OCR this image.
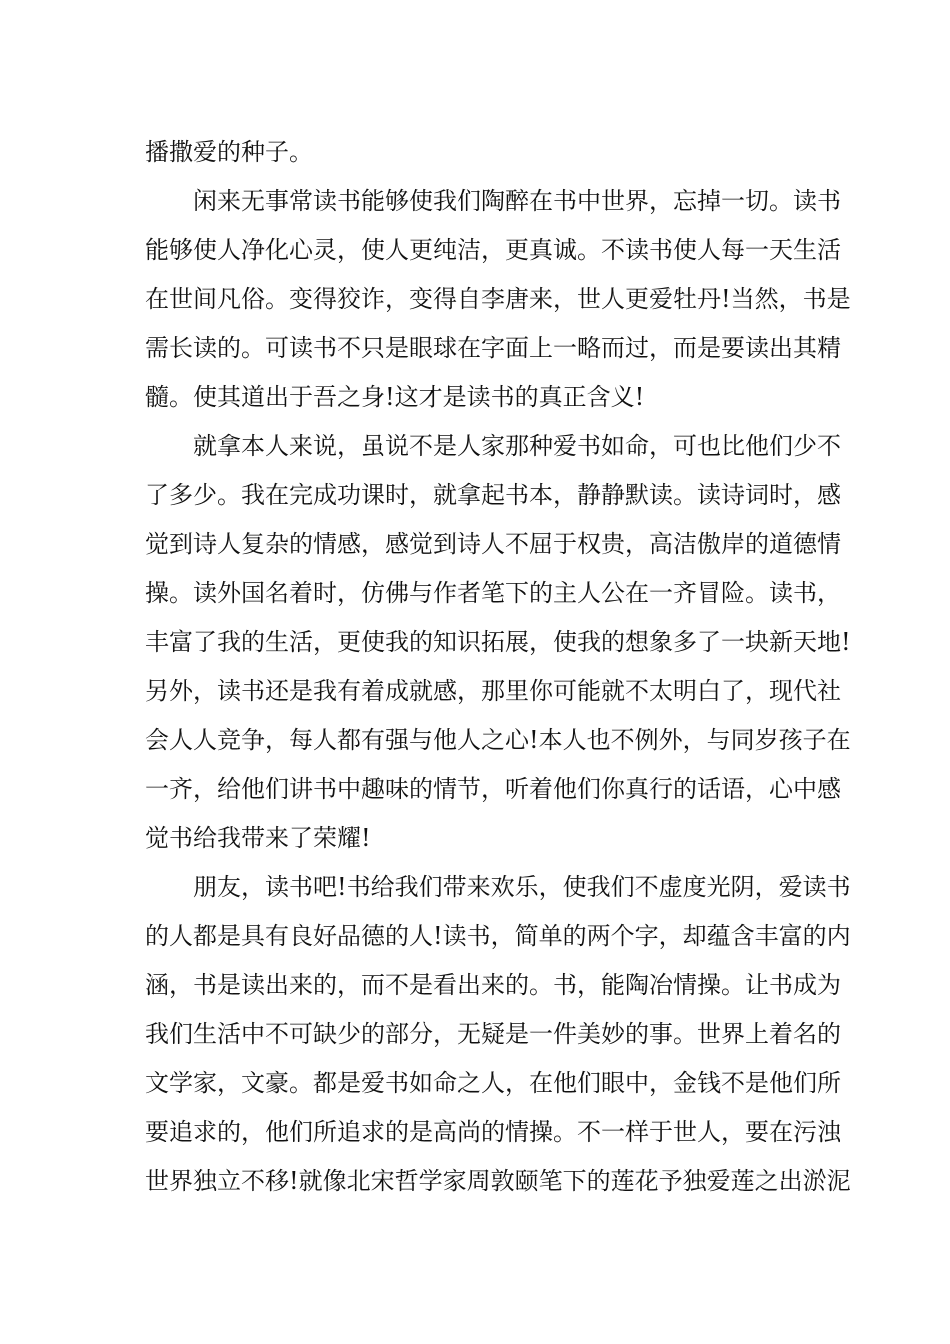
播撒爱的种子。
闲来无事常读书能够使我们陶醉在书中世界，忘掉一切。读书
能够使人净化心灵，使人更纯洁，更真诚。不读书使人每一天生活
在世间凡俗。变得狡诈，变得自李唐来，世人更爱牡丹!当然，书是
需长读的。可读书不只是眼球在字面上一略而过，而是要读出其精
髓。使其道出于吾之身!这才是读书的真正含义!
就拿本人来说，虽说不是人家那种爱书如命，可也比他们少不
了多少。我在完成功课时，就拿起书本，静静默读。读诗词时，感
觉到诗人复杂的情感，感觉到诗人不屈于权贵，高洁傲岸的道德情
操。读外国名着时，仿佛与作者笔下的主人公在一齐冒险。读书，
丰富了我的生活，更使我的知识拓展，使我的想象多了一块新天地!
另外，读书还是我有着成就感，那里你可能就不太明白了，现代社
会人人竞争，每人都有强与他人之心!本人也不例外，与同岁孩子在
一齐，给他们讲书中趣味的情节，听着他们你真行的话语，心中感
觉书给我带来了荣耀!
朋友，读书吧!书给我们带来欢乐，使我们不虚度光阴，爱读书
的人都是具有良好品德的人!读书，简单的两个字，却蕴含丰富的内
涵，书是读出来的，而不是看出来的。书，能陶冶情操。让书成为
我们生活中不可缺少的部分，无疑是一件美妙的事。世界上着名的
文学家，文豪。都是爱书如命之人，在他们眼中，金钱不是他们所
要追求的，他们所追求的是高尚的情操。不一样于世人，要在污浊
世界独立不移!就像北宋哲学家周敦颐笔下的莲花予独爱莲之出淤泥
